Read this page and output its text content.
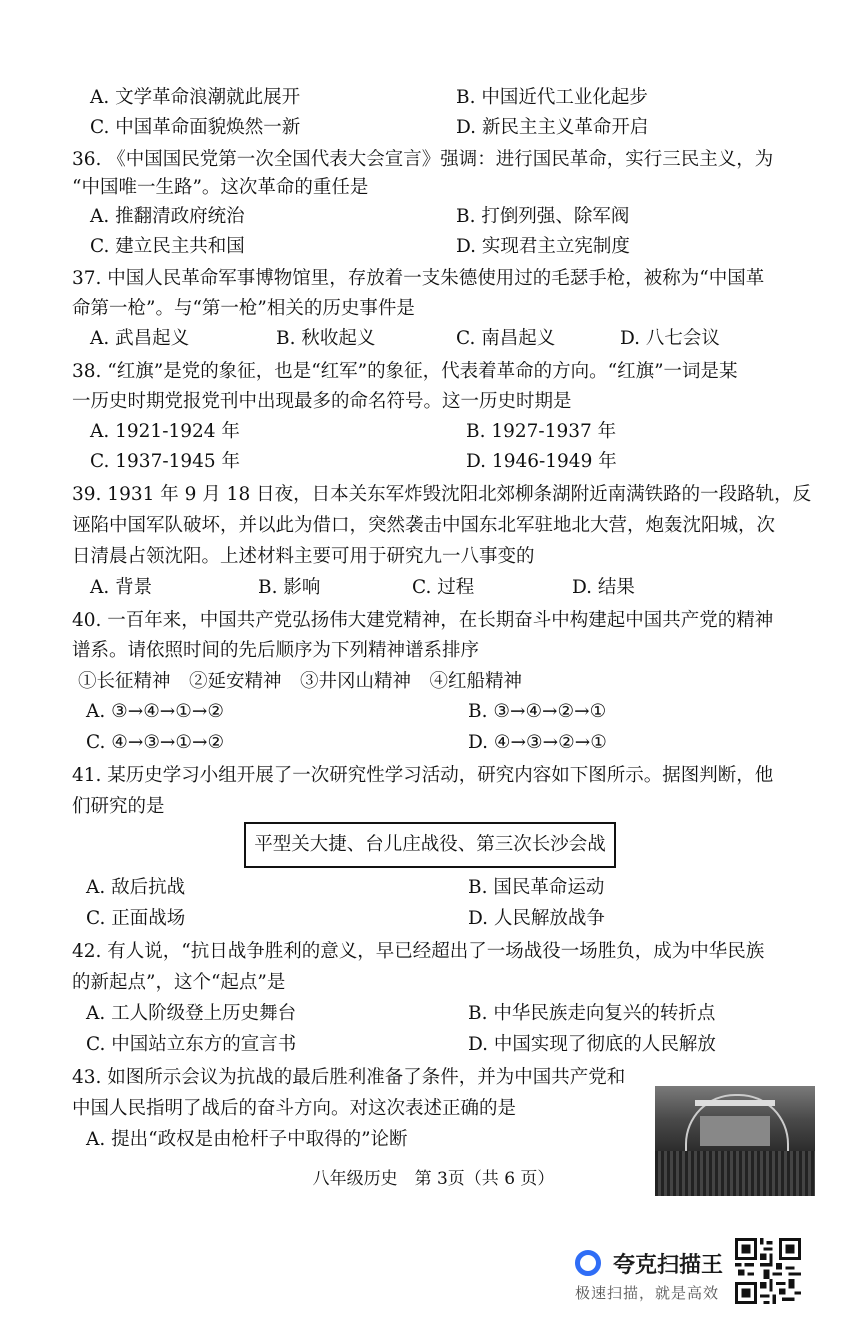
A. 文学革命浪潮就此展开	B. 中国近代工业化起步
C. 中国革命面貌焕然一新	D. 新民主主义革命开启
36. 《中国国民党第一次全国代表大会宣言》强调：进行国民革命，实行三民主义，为
“中国唯一生路”。这次革命的重任是
A. 推翻清政府统治	B. 打倒列强、除军阀
C. 建立民主共和国	D. 实现君主立宪制度
37. 中国人民革命军事博物馆里，存放着一支朱德使用过的毛瑟手枪，被称为“中国革
命第一枪”。与“第一枪”相关的历史事件是
A. 武昌起义	B. 秋收起义	C. 南昌起义	D. 八七会议
38. “红旗”是党的象征，也是“红军”的象征，代表着革命的方向。“红旗”一词是某
一历史时期党报党刊中出现最多的命名符号。这一历史时期是
A. 1921-1924 年	B. 1927-1937 年
C. 1937-1945 年	D. 1946-1949 年
39. 1931 年 9 月 18 日夜，日本关东军炸毁沈阳北郊柳条湖附近南满铁路的一段路轨，反
诬陷中国军队破坏，并以此为借口，突然袭击中国东北军驻地北大营，炮轰沈阳城，次
日清晨占领沈阳。上述材料主要可用于研究九一八事变的
A. 背景	B. 影响	C. 过程	D. 结果
40. 一百年来，中国共产党弘扬伟大建党精神，在长期奋斗中构建起中国共产党的精神
谱系。请依照时间的先后顺序为下列精神谱系排序
①长征精神　②延安精神　③井冈山精神　④红船精神
A. ③→④→①→②	B. ③→④→②→①
C. ④→③→①→②	D. ④→③→②→①
41. 某历史学习小组开展了一次研究性学习活动，研究内容如下图所示。据图判断，他
们研究的是
平型关大捷、台儿庄战役、第三次长沙会战
A. 敌后抗战	B. 国民革命运动
C. 正面战场	D. 人民解放战争
42. 有人说，“抗日战争胜利的意义，早已经超出了一场战役一场胜负，成为中华民族
的新起点”，这个“起点”是
A. 工人阶级登上历史舞台	B. 中华民族走向复兴的转折点
C. 中国站立东方的宣言书	D. 中国实现了彻底的人民解放
43. 如图所示会议为抗战的最后胜利准备了条件，并为中国共产党和
中国人民指明了战后的奋斗方向。对这次表述正确的是
A. 提出“政权是由枪杆子中取得的”论断
八年级历史　第 3页（共 6 页）
夸克扫描王
极速扫描，就是高效
